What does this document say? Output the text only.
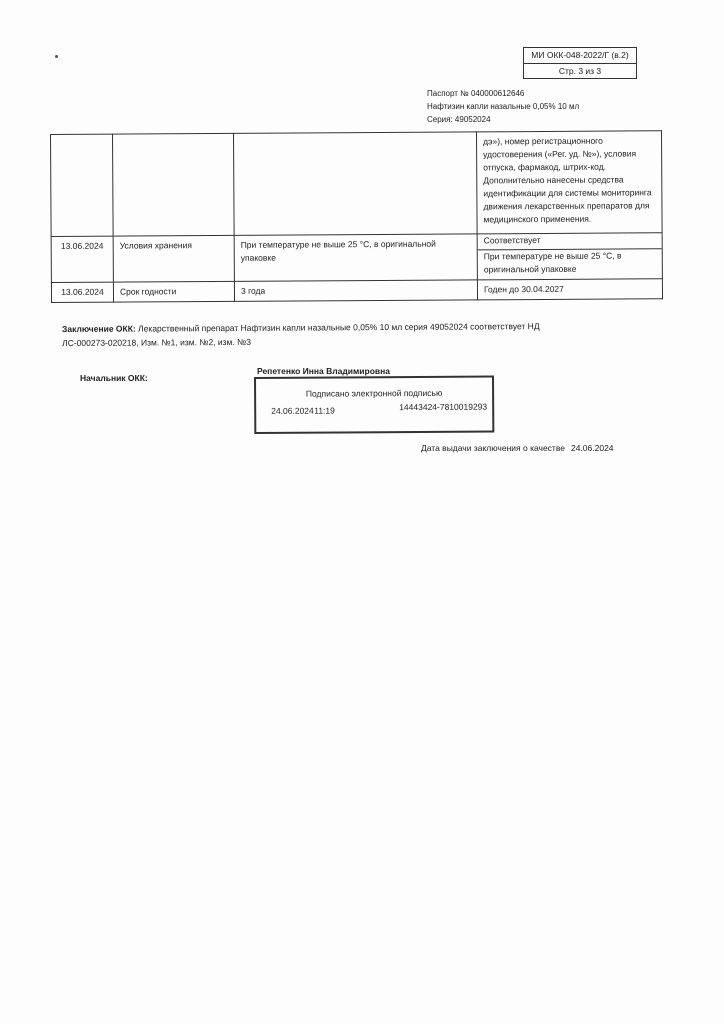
МИ ОКК-048-2022/Г (в.2)
Стр. 3 из 3
Паспорт № 040000612646
Нафтизин капли назальные 0,05% 10 мл
Серия: 49052024
			дэ»), номер регистрационного удостоверения («Рег. уд. №»), условия отпуска, фармакод, штрих-код. Дополнительно нанесены средства идентификации для системы мониторинга движения лекарственных препаратов для медицинского применения.
13.06.2024	Условия хранения	При температуре не выше 25 °С, в оригинальной упаковке	Соответствует
При температуре не выше 25 °С, в оригинальной упаковке

13.06.2024	Срок годности	3 года	Годен до 30.04.2027
Заключение ОКК: Лекарственный препарат Нафтизин капли назальные 0,05% 10 мл серия 49052024 соответствует НД ЛС-000273-020218, Изм. №1, изм. №2, изм. №3
Начальник ОКК:
Репетенко Инна Владимировна
Подписано электронной подписью
24.06.2024 11:19	14443424-7810019293
Дата выдачи заключения о качестве 24.06.2024
